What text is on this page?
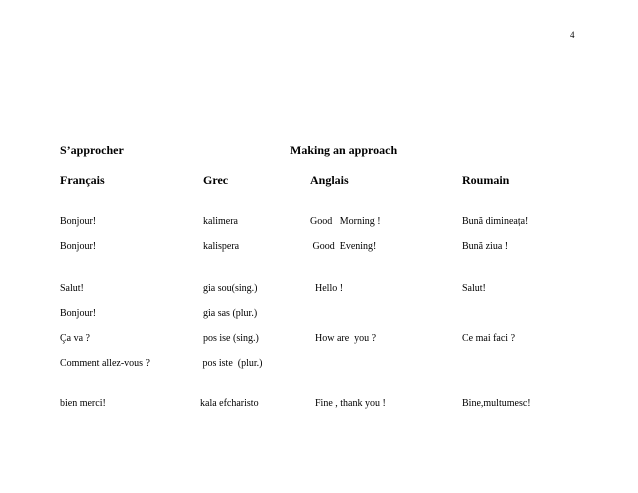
4
S’approcher	Making an approach
Français	Grec	Anglais	Roumain
Bonjour!	kalimera	Good   Morning !	Bună dimineața!
Bonjour!	kalispera	Good  Evening!	Bună ziua !
Salut!	gia sou(sing.)	Hello !	Salut!
Bonjour!	gia sas (plur.)
Ça va ?	pos ise (sing.)	How are  you ?	Ce mai faci ?
Comment allez-vous ?	pos iste  (plur.)
bien merci!	kala efcharisto	Fine , thank you !	Bine,multumesc!
